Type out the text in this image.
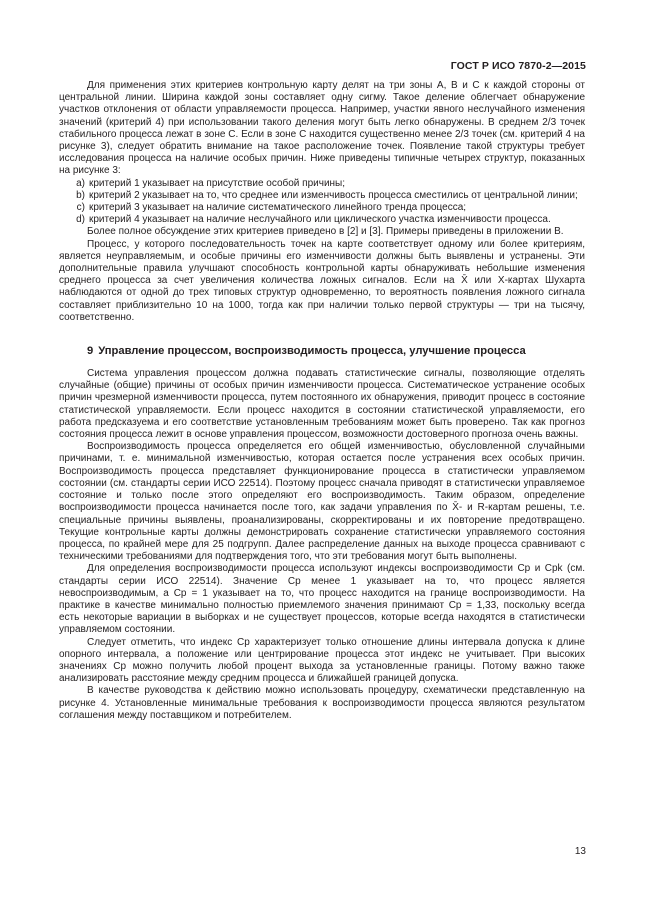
ГОСТ Р ИСО 7870-2—2015

Для применения этих критериев контрольную карту делят на три зоны A, B и C к каждой стороны от центральной линии. Ширина каждой зоны составляет одну сигму. Такое деление облегчает обнаружение участков отклонения от области управляемости процесса. Например, участки явного неслучайного изменения значений (критерий 4) при использовании такого деления могут быть легко обнаружены. В среднем 2/3 точек стабильного процесса лежат в зоне C. Если в зоне C находится существенно менее 2/3 точек (см. критерий 4 на рисунке 3), следует обратить внимание на такое расположение точек. Появление такой структуры требует исследования процесса на наличие особых причин. Ниже приведены типичные четырех структур, показанных на рисунке 3:

a) критерий 1 указывает на присутствие особой причины;

b) критерий 2 указывает на то, что среднее или изменчивость процесса сместились от центральной линии;

c) критерий 3 указывает на наличие систематического линейного тренда процесса;

d) критерий 4 указывает на наличие неслучайного или циклического участка изменчивости процесса.

Более полное обсуждение этих критериев приведено в [2] и [3]. Примеры приведены в приложении В.

Процесс, у которого последовательность точек на карте соответствует одному или более критериям, является неуправляемым, и особые причины его изменчивости должны быть выявлены и устранены. Эти дополнительные правила улучшают способность контрольной карты обнаруживать небольшие изменения среднего процесса за счет увеличения количества ложных сигналов. Если на X̄ или X-картах Шухарта наблюдаются от одной до трех типовых структур одновременно, то вероятность появления ложного сигнала составляет приблизительно 10 на 1000, тогда как при наличии только первой структуры — три на тысячу, соответственно.

9 Управление процессом, воспроизводимость процесса, улучшение процесса

Система управления процессом должна подавать статистические сигналы, позволяющие отделять случайные (общие) причины от особых причин изменчивости процесса. Систематическое устранение особых причин чрезмерной изменчивости процесса, путем постоянного их обнаружения, приводит процесс в состояние статистической управляемости. Если процесс находится в состоянии статистической управляемости, его работа предсказуема и его соответствие установленным требованиям может быть проверено. Так как прогноз состояния процесса лежит в основе управления процессом, возможности достоверного прогноза очень важны.

Воспроизводимость процесса определяется его общей изменчивостью, обусловленной случайными причинами, т. е. минимальной изменчивостью, которая остается после устранения всех особых причин. Воспроизводимость процесса представляет функционирование процесса в статистически управляемом состоянии (см. стандарты серии ИСО 22514). Поэтому процесс сначала приводят в статистически управляемое состояние и только после этого определяют его воспроизводимость. Таким образом, определение воспроизводимости процесса начинается после того, как задачи управления по X̄- и R-картам решены, т.е. специальные причины выявлены, проанализированы, скорректированы и их повторение предотвращено. Текущие контрольные карты должны демонстрировать сохранение статистически управляемого состояния процесса, по крайней мере для 25 подгрупп. Далее распределение данных на выходе процесса сравнивают с техническими требованиями для подтверждения того, что эти требования могут быть выполнены.

Для определения воспроизводимости процесса используют индексы воспроизводимости Cp и Cpk (см. стандарты серии ИСО 22514). Значение Cp менее 1 указывает на то, что процесс является невоспроизводимым, а Cp = 1 указывает на то, что процесс находится на границе воспроизводимости. На практике в качестве минимально полностью приемлемого значения принимают Cp = 1,33, поскольку всегда есть некоторые вариации в выборках и не существует процессов, которые всегда находятся в статистически управляемом состоянии.

Следует отметить, что индекс Cp характеризует только отношение длины интервала допуска к длине опорного интервала, а положение или центрирование процесса этот индекс не учитывает. При высоких значениях Cp можно получить любой процент выхода за установленные границы. Потому важно также анализировать расстояние между средним процесса и ближайшей границей допуска.

В качестве руководства к действию можно использовать процедуру, схематически представленную на рисунке 4. Установленные минимальные требования к воспроизводимости процесса являются результатом соглашения между поставщиком и потребителем.

13
